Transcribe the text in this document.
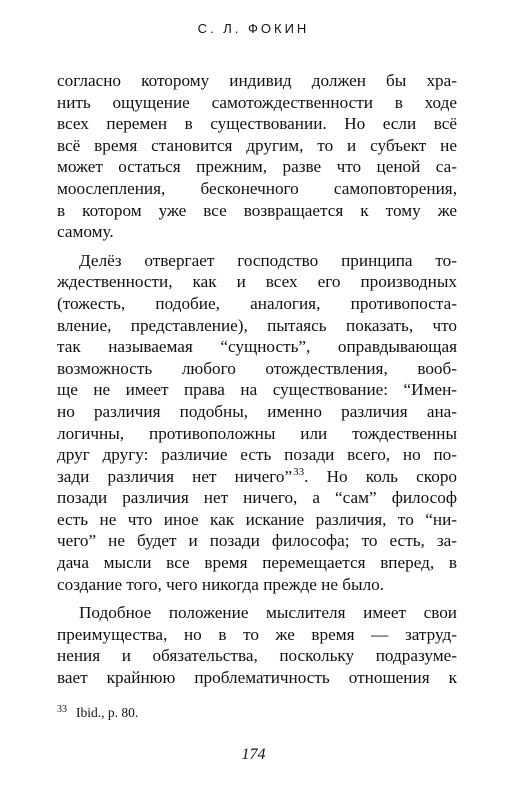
С. Л. ФОКИН
согласно которому индивид должен бы хра-
нить ощущение самотождественности в ходе
всех перемен в существовании. Но если всё
всё время становится другим, то и субъект не
может остаться прежним, разве что ценой са-
моослепления, бесконечного самоповторения,
в котором уже все возвращается к тому же
самому.
Делёз отвергает господство принципа то-
ждественности, как и всех его производных
(тожесть, подобие, аналогия, противопоста-
вление, представление), пытаясь показать, что
так называемая “сущность”, оправдывающая
возможность любого отождествления, вооб-
ще не имеет права на существование: “Имен-
но различия подобны, именно различия ана-
логичны, противоположны или тождественны
друг другу: различие есть позади всего, но по-
зади различия нет ничего”$^{33}$. Но коль скоро
позади различия нет ничего, а “сам” философ
есть не что иное как искание различия, то “ни-
чего” не будет и позади философа; то есть, за-
дача мысли все время перемещается вперед, в
создание того, чего никогда прежде не было.
Подобное положение мыслителя имеет свои
преимущества, но в то же время — затруд-
нения и обязательства, поскольку подразуме-
вает крайнюю проблематичность отношения к
$^{33}$ Ibid., p. 80.
174
